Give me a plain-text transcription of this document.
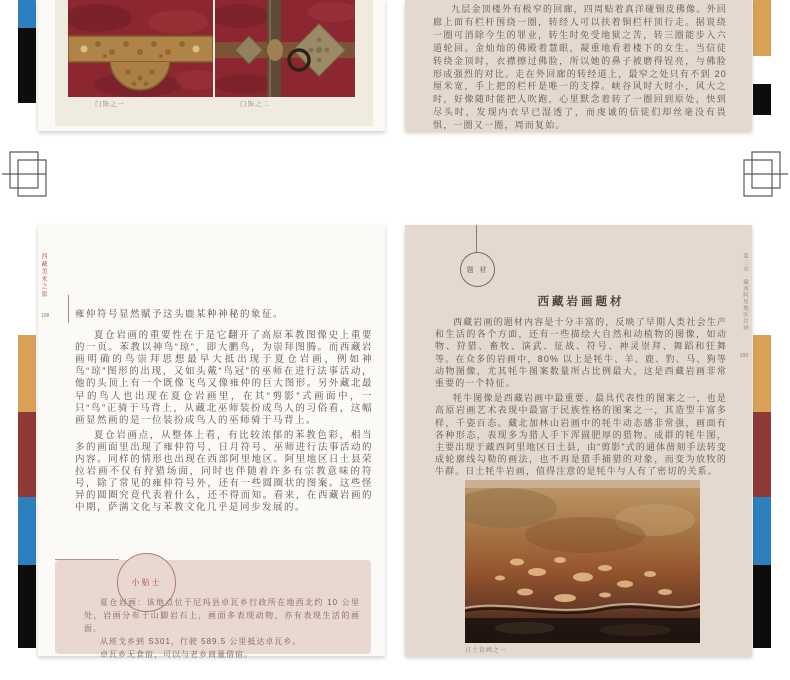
门饰之一	门饰之二

九层金顶楼外有极窄的回廊，四周贴着真洋碰锡皮佛像。外回廊上面有栏杆围绕一圈，转经人可以扶着铜栏杆顶行走。据说绕一圈可消除今生的罪业，转生时免受地狱之苦，转三圈能步入六道轮回。金灿灿的佛殿着慧眼，凝重地看着楼下的女生。当信徒转绕金顶时，衣襟擦过佛脸，所以她的鼻子被磨得锃亮，与佛脸形成强烈的对比。走在外回廊的转经道上，最窄之处只有不到 20 厘米宽，手上把的栏杆是唯一的支撑。峡谷风时大时小，风大之时，好像随时能把人吹跑，心里默念着转了一圈回到原处，快到尽头时，发现内衣早已湿透了，而虔诚的信徒们却丝毫没有畏惧，一圈又一圈，周而复始。

西藏美术之旅
198	雍仲符号显然赋予这头鹿某种神秘的象征。

夏仓岩画的重要性在于是它翻开了高原苯教图像史上重要的一页。苯教以神鸟“琼”，即大鹏鸟，为崇拜图腾。而西藏岩画明确的鸟崇拜思想最早大抵出现于夏仓岩画，例如神鸟“琼”图形的出现，又如头戴“鸟冠”的巫师在进行法事活动，他的头顶上有一个既像飞鸟又像雍仲的巨大图形。另外藏北最早的鸟人也出现在夏仓岩画里，在其“剪影”式画面中，一只“鸟”正骑于马背上，从藏北巫师装扮成鸟人的习俗看，这幅画显然画的是一位装扮成鸟人的巫师骑于马背上。

夏仓岩画点，从整体上看，有比较浓郁的苯教色彩，相当多的画面里出现了雍仲符号、日月符号、巫师进行法事活动的内容。同样的情形也出现在西部阿里地区。阿里地区日土县荣拉岩画不仅有狩猎场面，同时也伴随着许多有宗教意味的符号，除了常见的雍仲符号外，还有一些圆圈状的图案。这些怪异的圆圈究竟代表着什么，还不得而知。看来，在西藏岩画的中期，萨满文化与苯教文化几乎是同步发展的。

小贴士

夏仓岩画：该地点位于尼玛县卓瓦乡行政所在地西北约 10 公里处，岩画分布于山脚岩石上，画面多表现动物，亦有表现生活的画面。

从班戈乡到 S301，行驶 589.5 公里抵达卓瓦乡。

卓瓦乡无食宿，可以与老乡商量借宿。

题 材
西藏岩画题材

西藏岩画的题材内容是十分丰富的，反映了早期人类社会生产和生活的各个方面，还有一些描绘大自然和动植物的图像，如动物、狩猎、畜牧、演武、征战、符号、神灵崇拜、舞蹈和狂舞等。在众多的岩画中，80% 以上是牦牛、羊、鹿、豹、马、狗等动物图像，尤其牦牛图案数量所占比例最大，这是西藏岩画非常重要的一个特征。

牦牛图像是西藏岩画中最重要、最具代表性的图案之一，也是高原岩画艺术表现中最富于民族性格的图案之一，其造型丰富多样，千姿百态。藏北加林山岩画中的牦牛动态感非常强，画面有各种形态，表现多为猎人手下浑圆肥厚的猎物。成群的牦牛图，主要出现于藏西阿里地区日土县，由“剪影”式的通体凿刻手法转变成轮廓线勾勒的画法，也不再是猎手捕猎的对象，而变为放牧的牛群。日土牦牛岩画，值得注意的是牦牛与人有了密切的关系。

日土岩画之一
第三章　藏西阿里地区岩画
199
